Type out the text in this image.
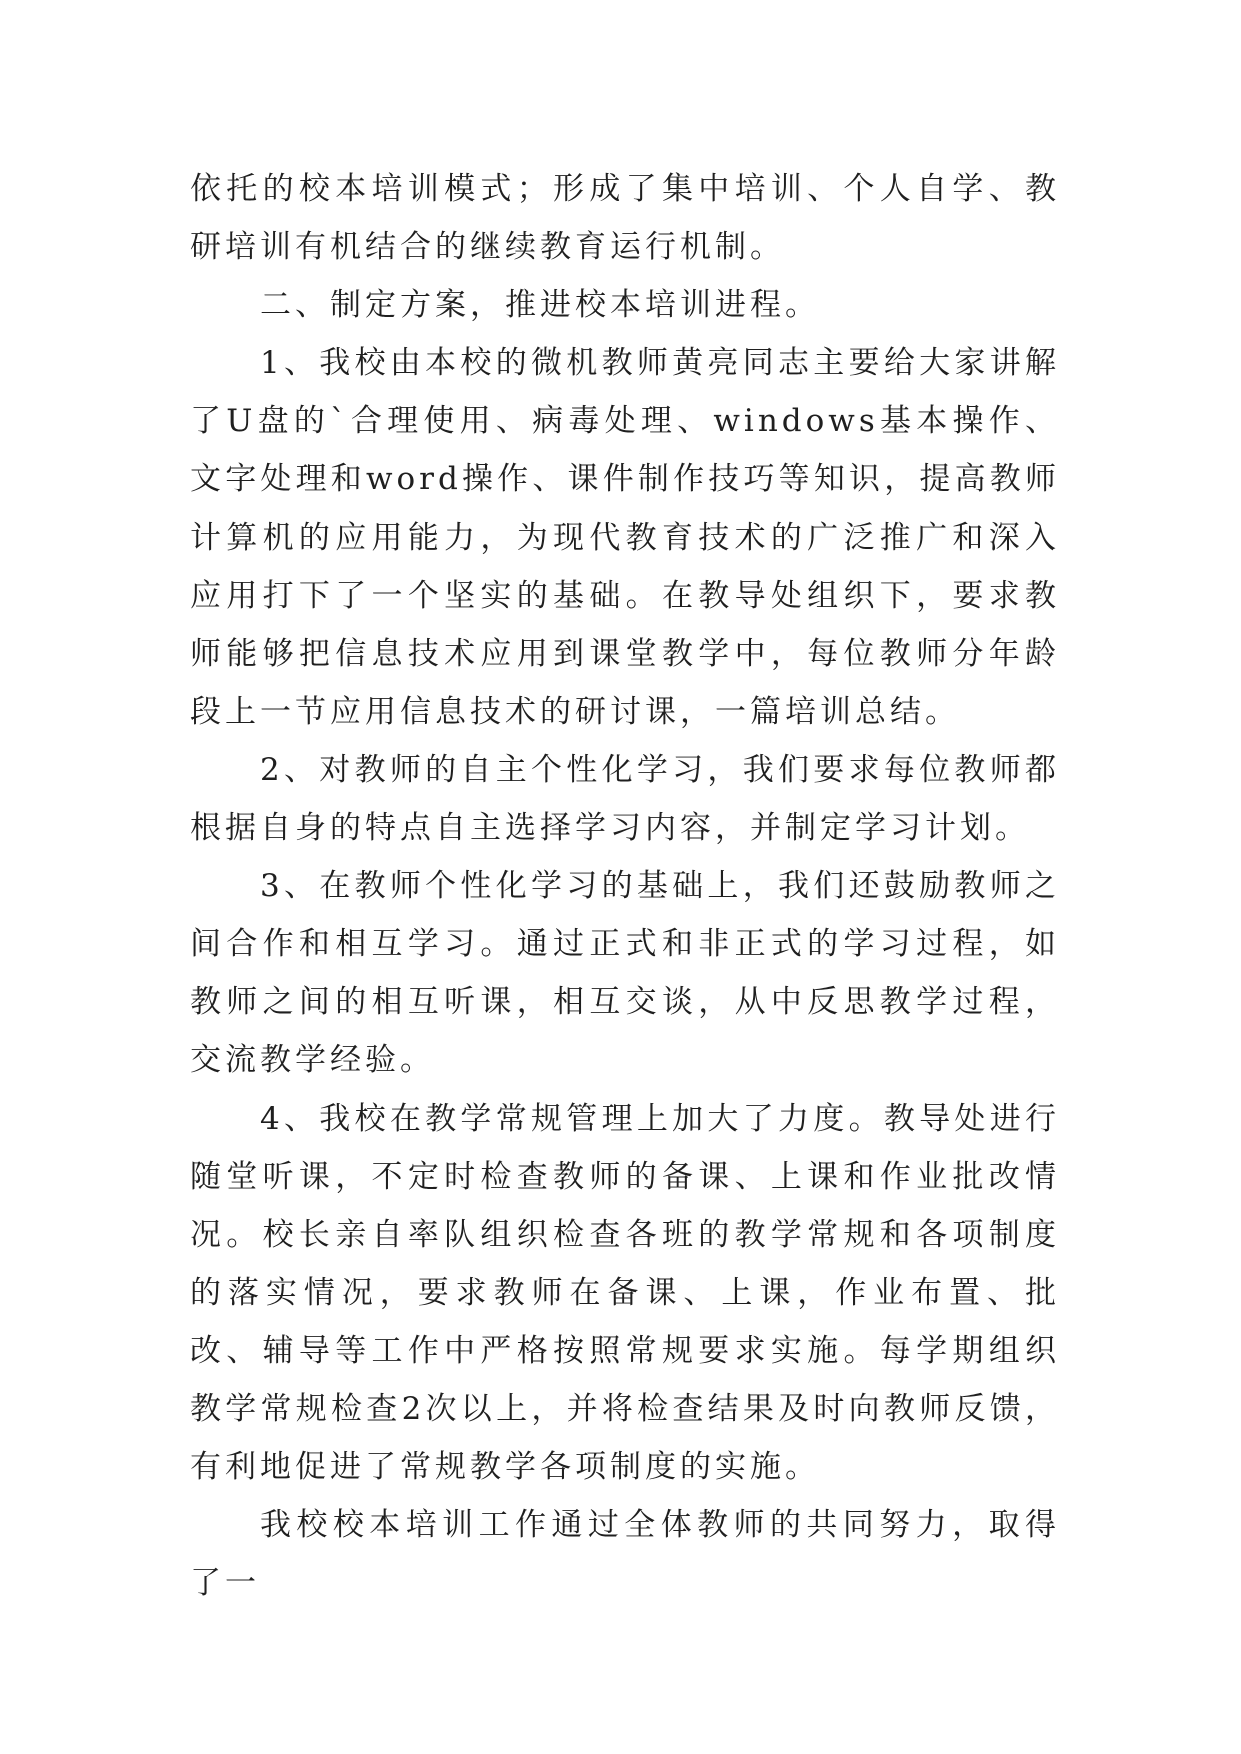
依托的校本培训模式；形成了集中培训、个人自学、教研培训有机结合的继续教育运行机制。

二、制定方案，推进校本培训进程。

1、我校由本校的微机教师黄亮同志主要给大家讲解了U盘的`合理使用、病毒处理、windows基本操作、文字处理和word操作、课件制作技巧等知识，提高教师计算机的应用能力，为现代教育技术的广泛推广和深入应用打下了一个坚实的基础。在教导处组织下，要求教师能够把信息技术应用到课堂教学中，每位教师分年龄段上一节应用信息技术的研讨课，一篇培训总结。

2、对教师的自主个性化学习，我们要求每位教师都根据自身的特点自主选择学习内容，并制定学习计划。

3、在教师个性化学习的基础上，我们还鼓励教师之间合作和相互学习。通过正式和非正式的学习过程，如教师之间的相互听课，相互交谈，从中反思教学过程，交流教学经验。

4、我校在教学常规管理上加大了力度。教导处进行随堂听课，不定时检查教师的备课、上课和作业批改情况。校长亲自率队组织检查各班的教学常规和各项制度的落实情况，要求教师在备课、上课，作业布置、批改、辅导等工作中严格按照常规要求实施。每学期组织教学常规检查2次以上，并将检查结果及时向教师反馈，有利地促进了常规教学各项制度的实施。

我校校本培训工作通过全体教师的共同努力，取得了一
